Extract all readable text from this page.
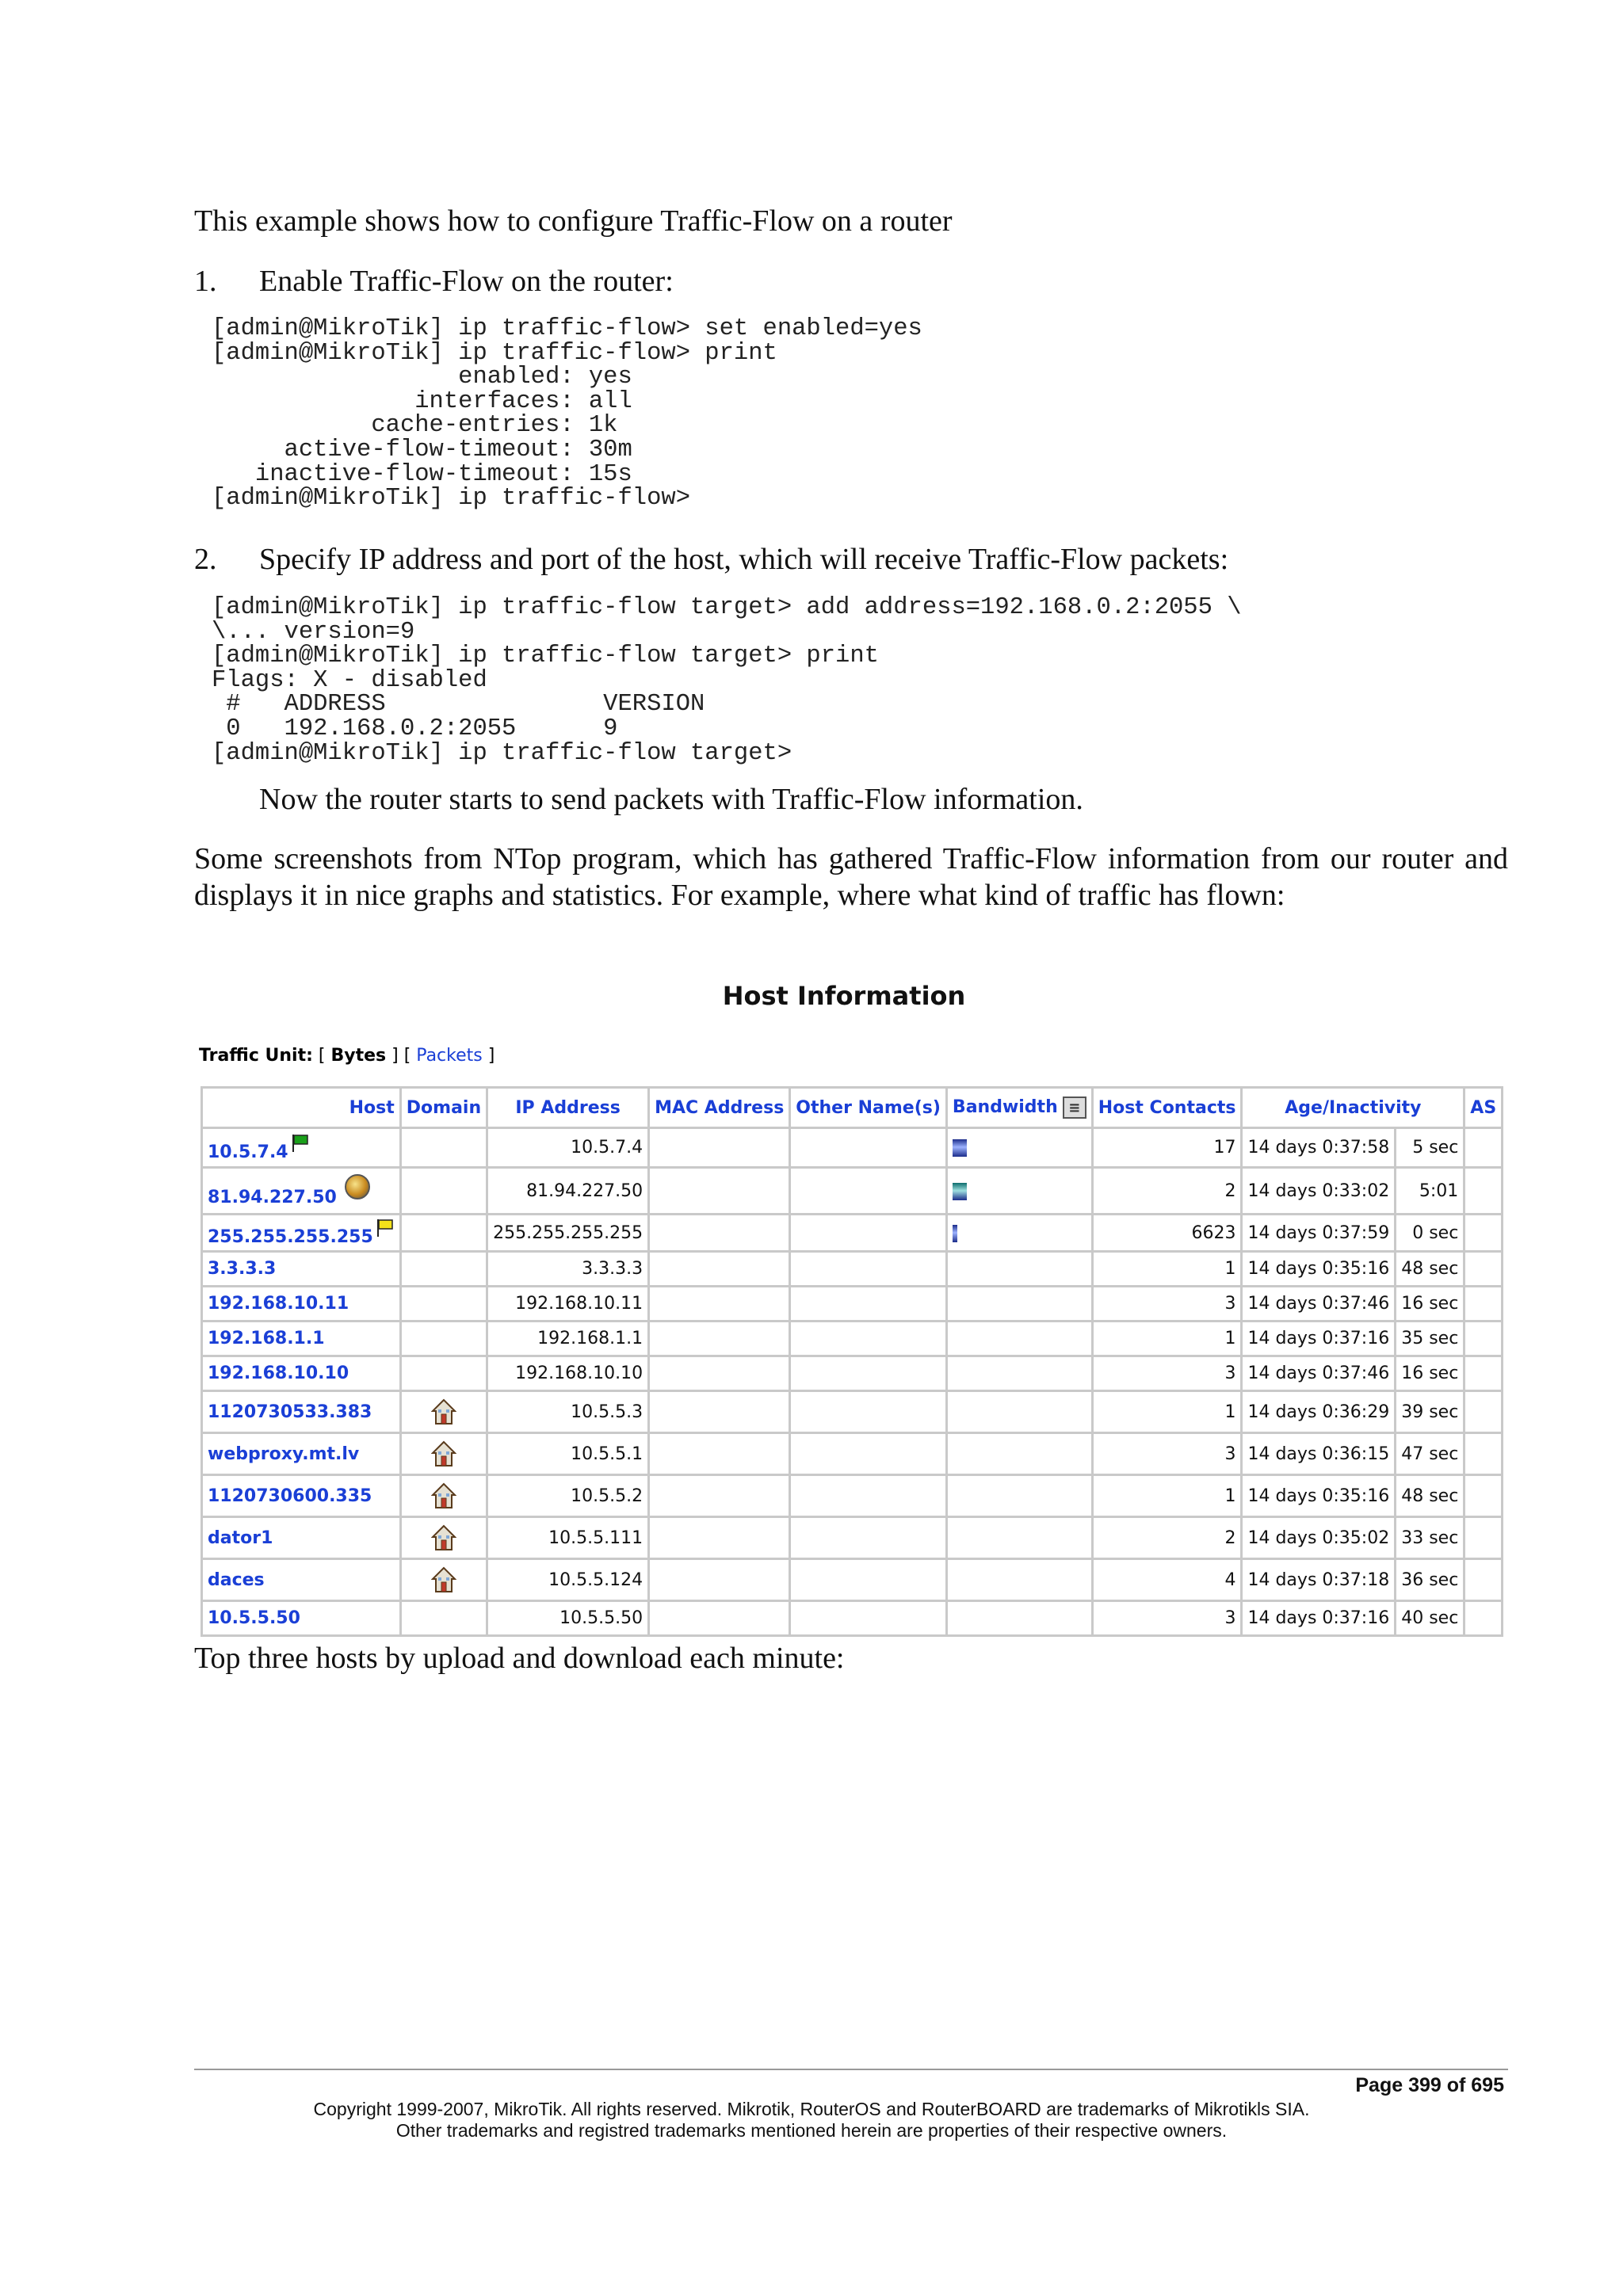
This example shows how to configure Traffic-Flow on a router

1. Enable Traffic-Flow on the router:

[admin@MikroTik] ip traffic-flow> set enabled=yes
[admin@MikroTik] ip traffic-flow> print
enabled: yes
interfaces: all
cache-entries: 1k
active-flow-timeout: 30m
inactive-flow-timeout: 15s
[admin@MikroTik] ip traffic-flow>

2. Specify IP address and port of the host, which will receive Traffic-Flow packets:

[admin@MikroTik] ip traffic-flow target> add address=192.168.0.2:2055 \
\... version=9
[admin@MikroTik] ip traffic-flow target> print
Flags: X - disabled
#   ADDRESS               VERSION
0   192.168.0.2:2055      9
[admin@MikroTik] ip traffic-flow target>

Now the router starts to send packets with Traffic-Flow information.

Some screenshots from NTop program, which has gathered Traffic-Flow information from our router and displays it in nice graphs and statistics. For example, where what kind of traffic has flown:

Host Information
Traffic Unit: [ Bytes ] [ Packets ]
Host	Domain	IP Address	MAC Address	Other Name(s)	Bandwidth ≡	Host Contacts	Age/Inactivity		AS
10.5.7.4		10.5.7.4				17	14 days 0:37:58	5 sec	
81.94.227.50		81.94.227.50				2	14 days 0:33:02	5:01	
255.255.255.255		255.255.255.255				6623	14 days 0:37:59	0 sec	
3.3.3.3		3.3.3.3				1	14 days 0:35:16	48 sec	
192.168.10.11		192.168.10.11				3	14 days 0:37:46	16 sec	
192.168.1.1		192.168.1.1				1	14 days 0:37:16	35 sec	
192.168.10.10		192.168.10.10				3	14 days 0:37:46	16 sec	
1120730533.383		10.5.5.3				1	14 days 0:36:29	39 sec	
webproxy.mt.lv		10.5.5.1				3	14 days 0:36:15	47 sec	
1120730600.335		10.5.5.2				1	14 days 0:35:16	48 sec	
dator1		10.5.5.111				2	14 days 0:35:02	33 sec	
daces		10.5.5.124				4	14 days 0:37:18	36 sec	
10.5.5.50		10.5.5.50				3	14 days 0:37:16	40 sec	

Top three hosts by upload and download each minute:

Page 399 of 695
Copyright 1999-2007, MikroTik. All rights reserved. Mikrotik, RouterOS and RouterBOARD are trademarks of Mikrotikls SIA.
Other trademarks and registred trademarks mentioned herein are properties of their respective owners.
